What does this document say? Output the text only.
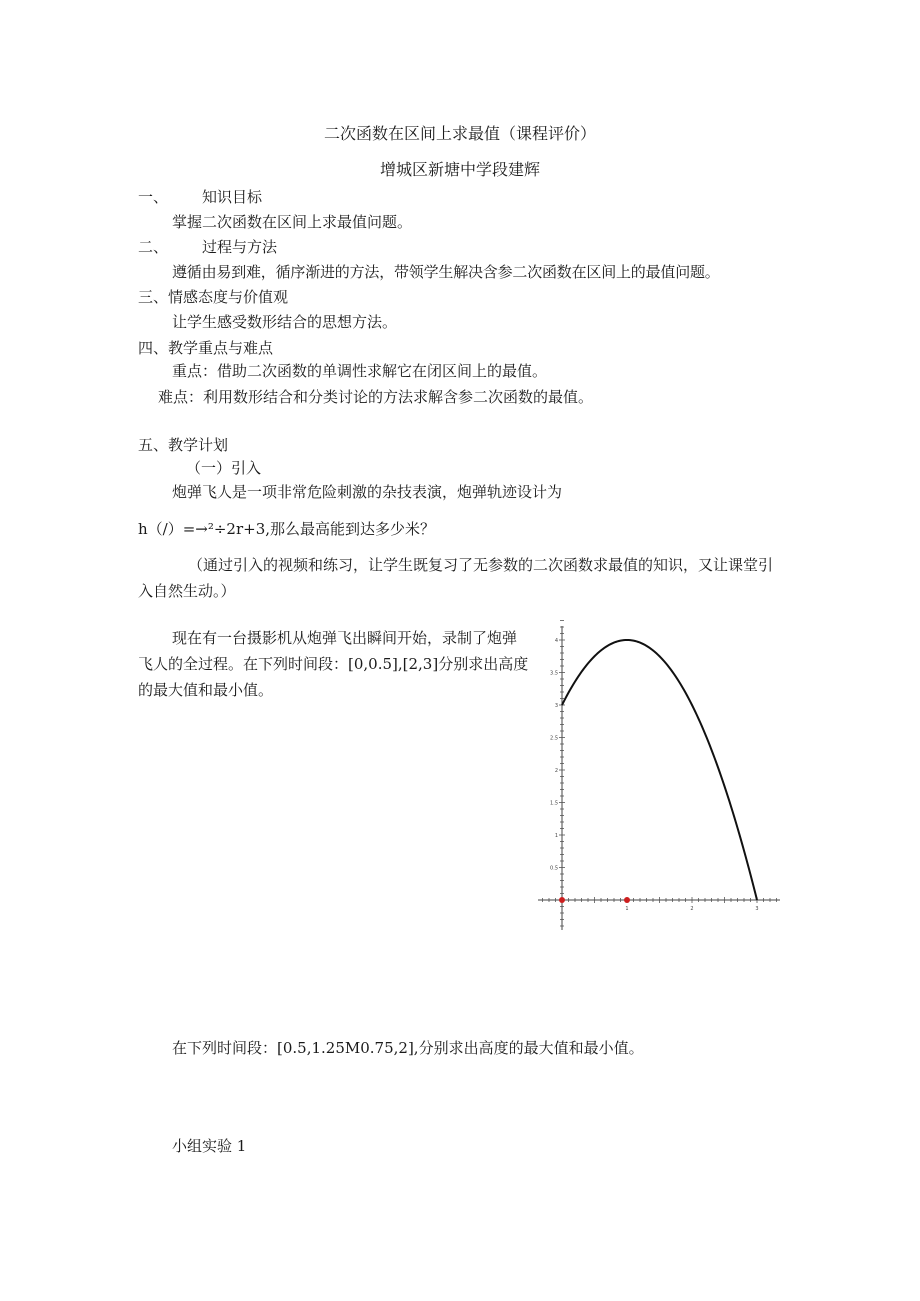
二次函数在区间上求最值（课程评价）
增城区新塘中学段建辉
一、 知识目标
掌握二次函数在区间上求最值问题。
二、 过程与方法
遵循由易到难，循序渐进的方法，带领学生解决含参二次函数在区间上的最值问题。
三、情感态度与价值观
让学生感受数形结合的思想方法。
四、教学重点与难点
重点：借助二次函数的单调性求解它在闭区间上的最值。
难点：利用数形结合和分类讨论的方法求解含参二次函数的最值。
五、教学计划
（一）引入
炮弹飞人是一项非常危险刺激的杂技表演，炮弹轨迹设计为
h（/）=→²÷2r+3,那么最高能到达多少米？
（通过引入的视频和练习，让学生既复习了无参数的二次函数求最值的知识，又让课堂引入自然生动。）
现在有一台摄影机从炮弹飞出瞬间开始，录制了炮弹飞人的全过程。在下列时间段：[0,0.5],[2,3]分别求出高度的最大值和最小值。
1	2	3
0.5
1
1.5
2
2.5
3
3.5
4
在下列时间段：[0.5,1.25M0.75,2],分别求出高度的最大值和最小值。
小组实验 1
